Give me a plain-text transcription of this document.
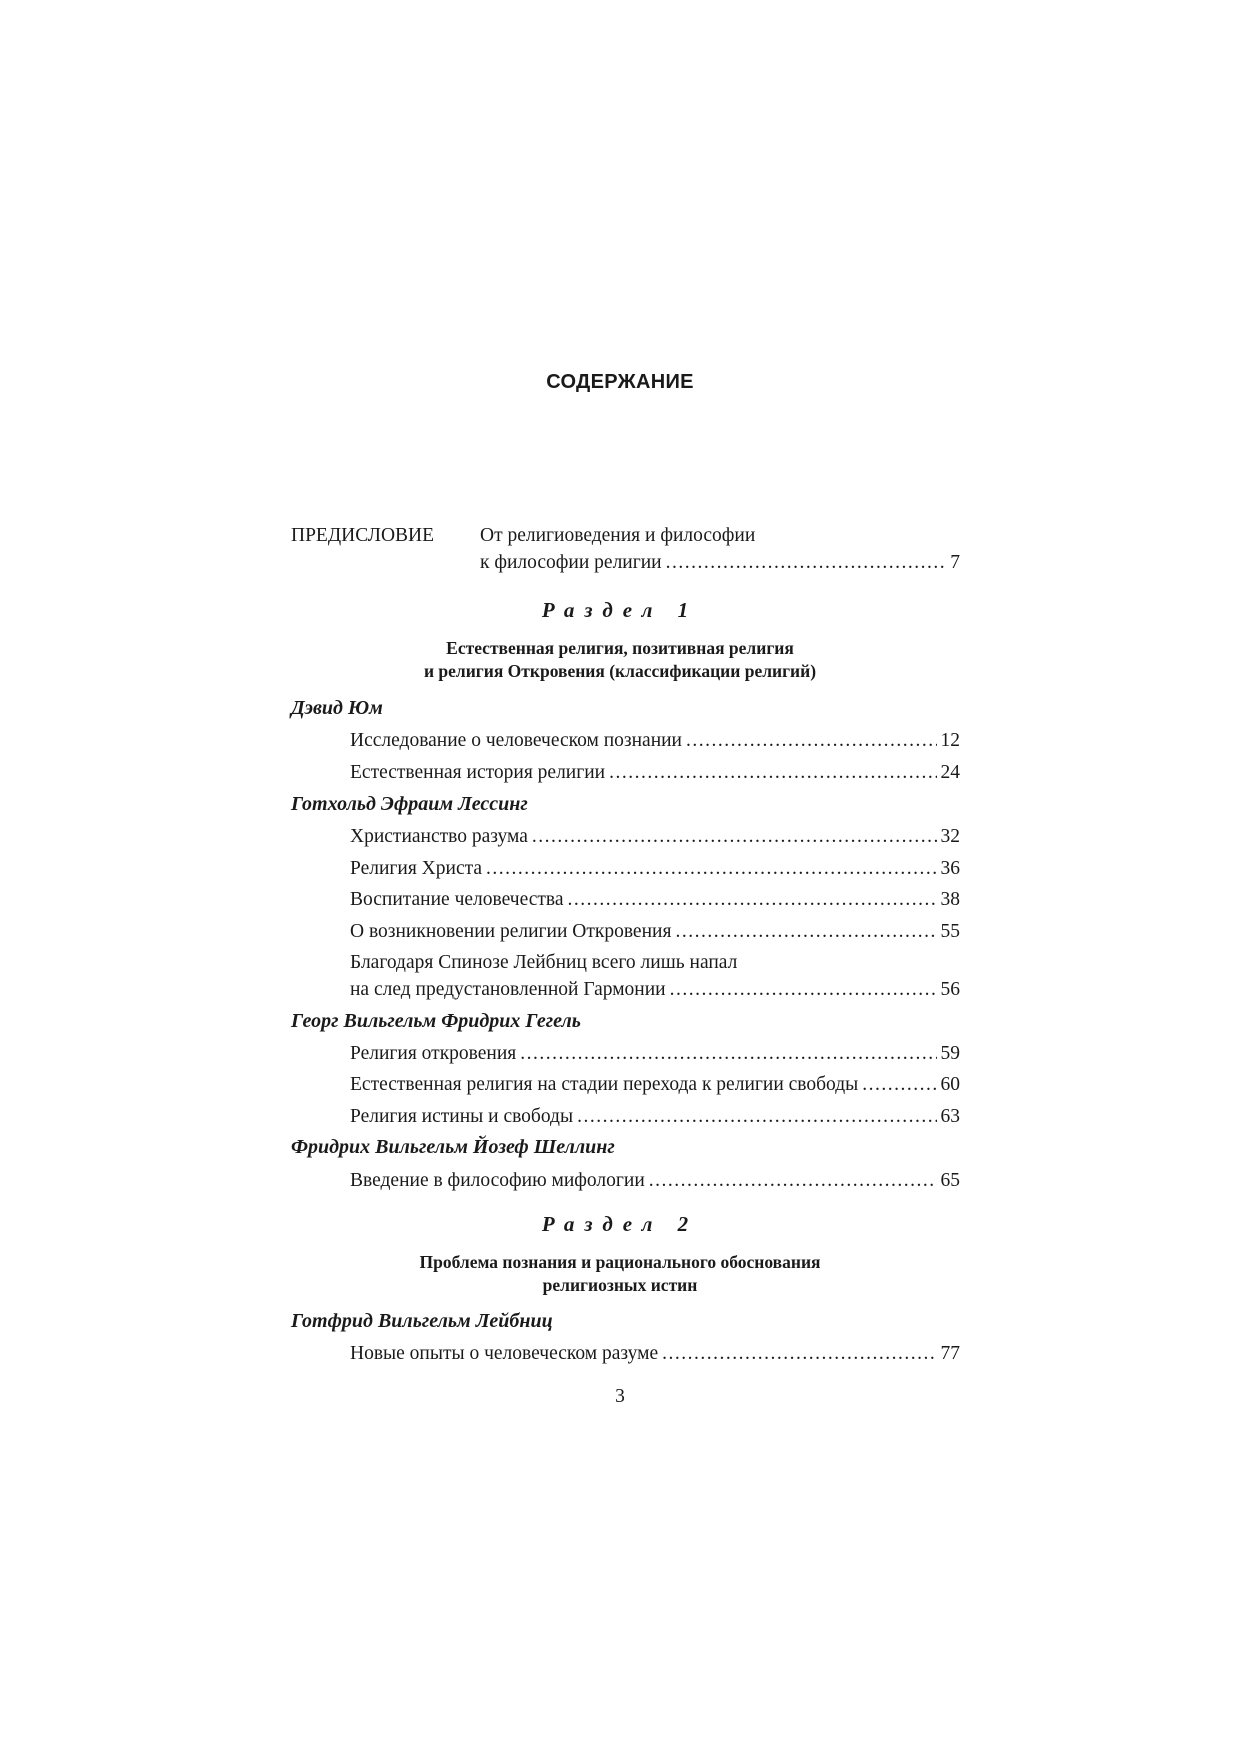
СОДЕРЖАНИЕ
ПРЕДИСЛОВИЕ От религиоведения и философии
к философии религии .....	7
Раздел 1
Естественная религия, позитивная религия
и религия Откровения (классификации религий)
Дэвид Юм
Исследование о человеческом познании .....	12
Естественная история религии .....	24
Готхольд Эфраим Лессинг
Христианство разума .....	32
Религия Христа .....	36
Воспитание человечества .....	38
О возникновении религии Откровения .....	55
Благодаря Спинозе Лейбниц всего лишь напал
на след предустановленной Гармонии .....	56
Георг Вильгельм Фридрих Гегель
Религия откровения .....	59
Естественная религия на стадии перехода к религии свободы .....	60
Религия истины и свободы .....	63
Фридрих Вильгельм Йозеф Шеллинг
Введение в философию мифологии .....	65
Раздел 2
Проблема познания и рационального обоснования
религиозных истин
Готфрид Вильгельм Лейбниц
Новые опыты о человеческом разуме .....	77
3
